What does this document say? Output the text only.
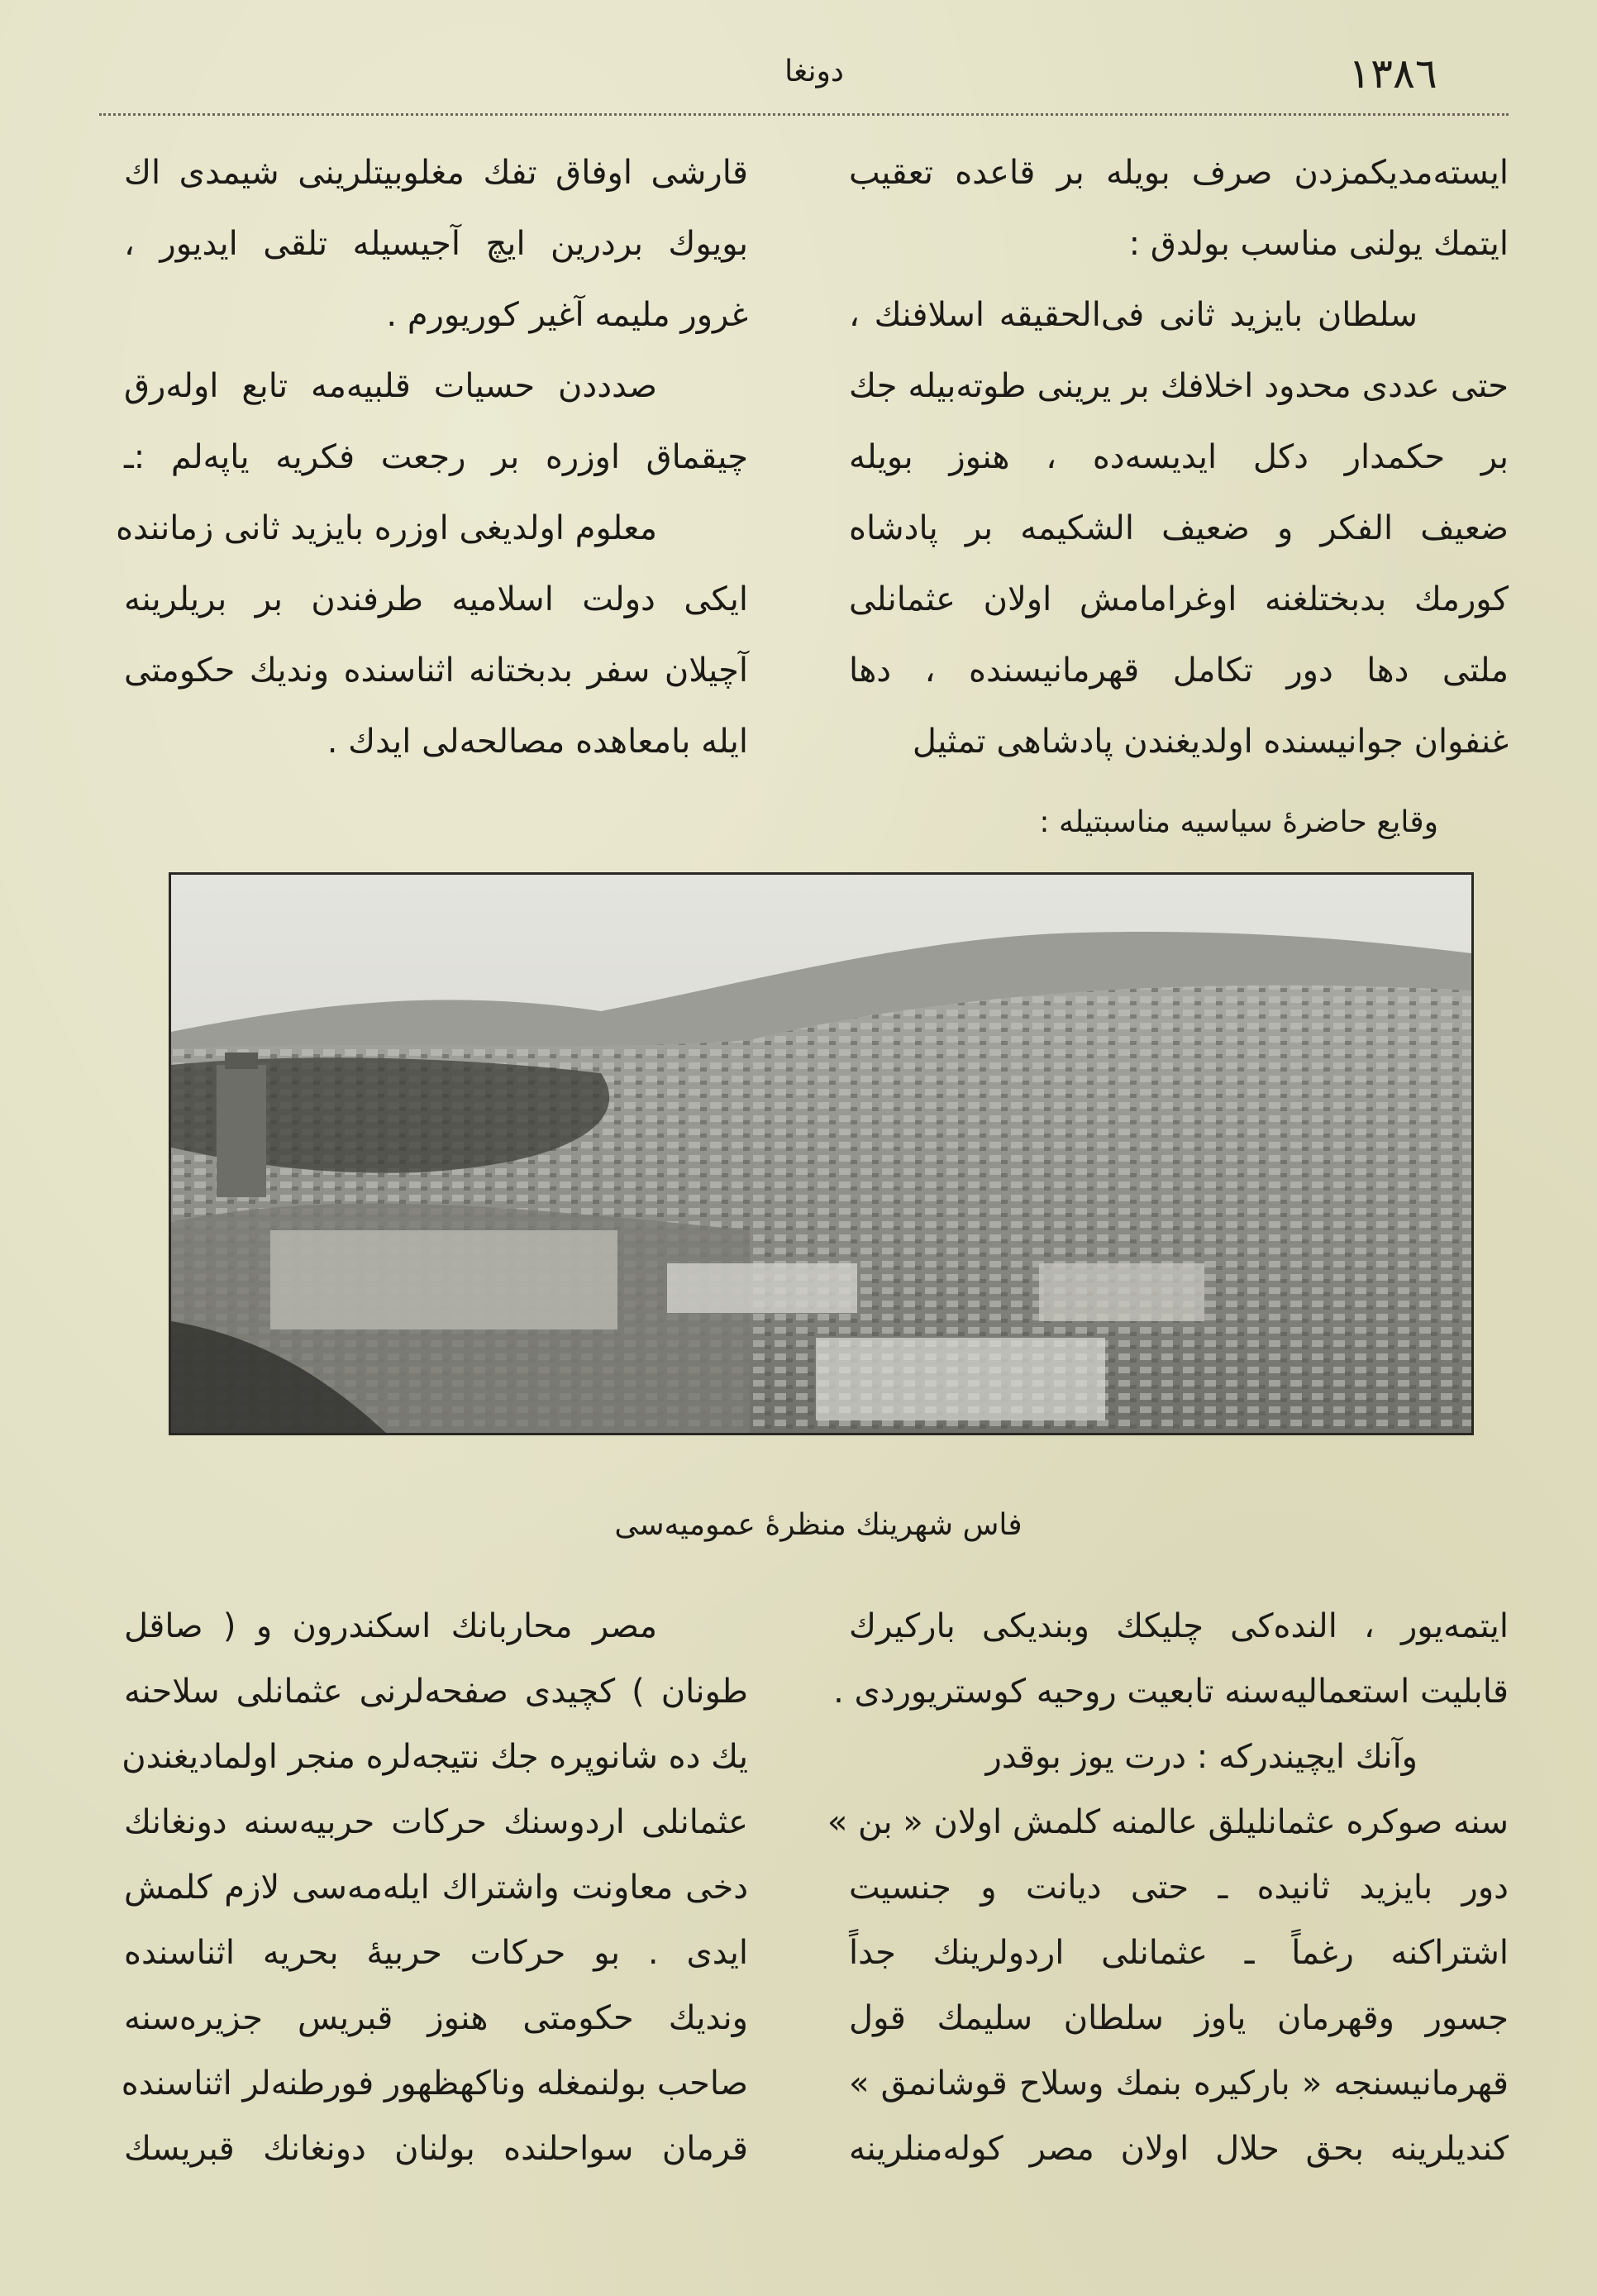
١٣٨٦
دونغا
ایسته‌مدیکمزدن صرف بویله بر قاعده تعقیب
ایتمك یولنی مناسب بولدق :
سلطان بایزید ثانی فی‌الحقیقه اسلافنك ،
حتی عددی محدود اخلافك‌ بر یرینی طوته‌بیله جك
بر حکمدار دکل ایدیسه‌ده ، هنوز بویله
ضعیف الفکر و ضعیف الشکیمه بر پادشاه
کورمك بدبختلغنه اوغرامامش اولان عثمانلی
ملتی دها دور تکامل قهرمانیسنده ، دها
غنفوان جوانیسنده اولدیغندن پادشاهی تمثیل
قارشی اوفاق تفك مغلوبیتلرینی شیمدی اك
بویوك بردرین ایچ آجیسیله تلقی ایدیور ،
غرور ملیمه آغیر کوریورم .
صدددن حسیات قلبیه‌مه تابع اوله‌رق
چیقماق اوزره بر رجعت فکریه یاپه‌لم :ـ
معلوم اولدیغی اوزره بایزید ثانی زماننده
ایکی دولت اسلامیه طرفندن بر بریلرینه
آچیلان سفر بدبختانه اثناسنده وندیك حکومتی
ایله بامعاهده مصالحه‌لی ایدك .
وقایع حاضرهٔ سیاسیه مناسبتیله :
فاس شهرینك منظرهٔ عمومیه‌سی
ایتمه‌یور ، النده‌کی چلیکك وبندیکی بارکیرك
قابلیت استعمالیه‌سنه تابعیت روحیه کوستریوردی .
وآنك ایچیندرکه : درت یوز بوقدر
سنه صوکره عثمانلیلق عالمنه کلمش اولان « بن »
دور بایزید ثانیده ـ حتی دیانت و جنسیت
اشتراکنه رغماً ـ عثمانلی اردولرینك جداً
جسور وقهرمان یاوز سلطان سلیمك قول
قهرمانیسنجه « بارکیره بنمك وسلاح قوشانمق »
کندیلرینه بحق حلال اولان مصر کوله‌منلرینه
مصر محاربانك اسکندرون و ( صاقل
طونان ) کچیدی صفحه‌لرنی عثمانلی سلاحنه
یك ده شانوپره جك نتیجه‌لره منجر اولمادیغندن
عثمانلی اردوسنك حرکات حربیه‌سنه دونغانك
دخی معاونت واشتراك ایله‌مه‌سی لازم کلمش
ایدی . بو حرکات حربیهٔ بحریه اثناسنده
وندیك حکومتی هنوز قبریس جزیره‌سنه
صاحب بولنمغله وناکهظهور فورطنه‌لر اثناسنده
قرمان سواحلنده بولنان دونغانك قبریسك
